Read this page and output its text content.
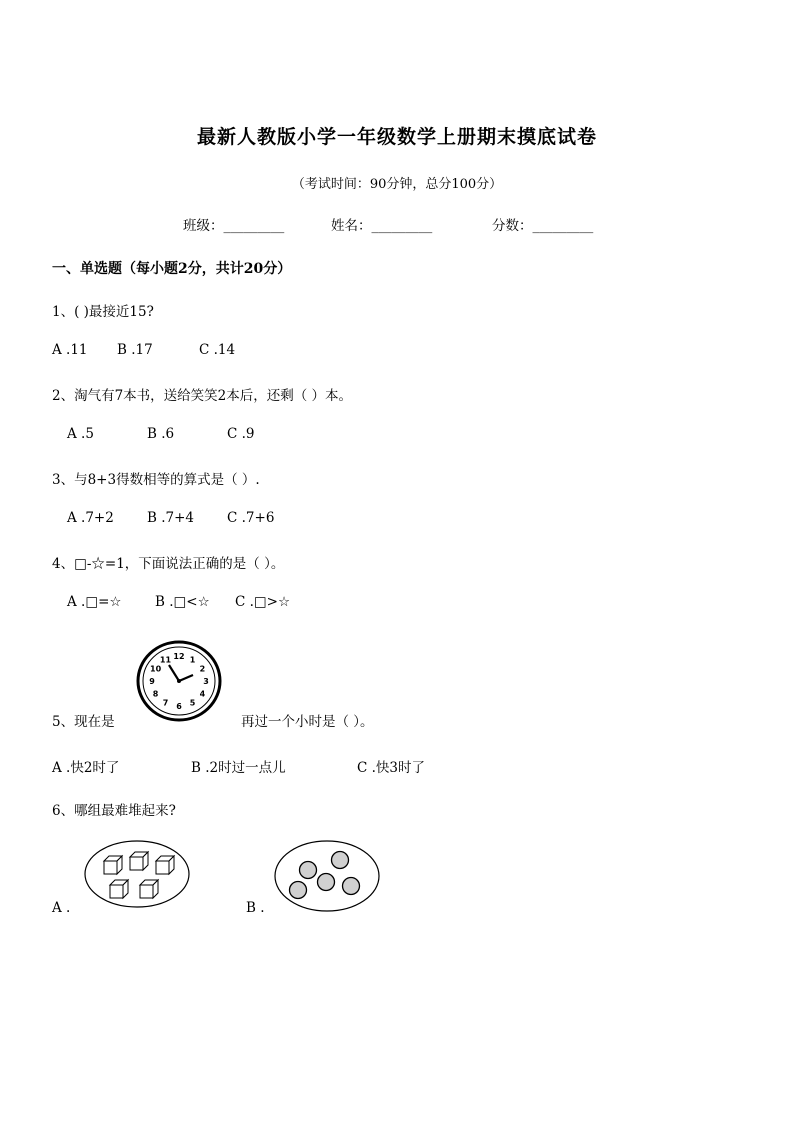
最新人教版小学一年级数学上册期末摸底试卷
（考试时间：90分钟，总分100分）
班级：_________	姓名：_________	分数：_________
一、单选题（每小题2分，共计20分）
1、( )最接近15?
A .11 B .17	C .14
2、淘气有7本书，送给笑笑2本后，还剩（ ）本。
A .5	B .6	C .9
3、与8+3得数相等的算式是（ ）.
A .7+2 B .7+4 C .7+6
4、□-☆=1，下面说法正确的是（ ）。
A .□=☆ B .□<☆ C .□>☆
5、现在是
12 1
2
3
4
5
6
7
8
9
10
11
再过一个小时是（ ）。
A .快2时了	B .2时过一点儿	C .快3时了
6、哪组最难堆起来?
A .	B .
